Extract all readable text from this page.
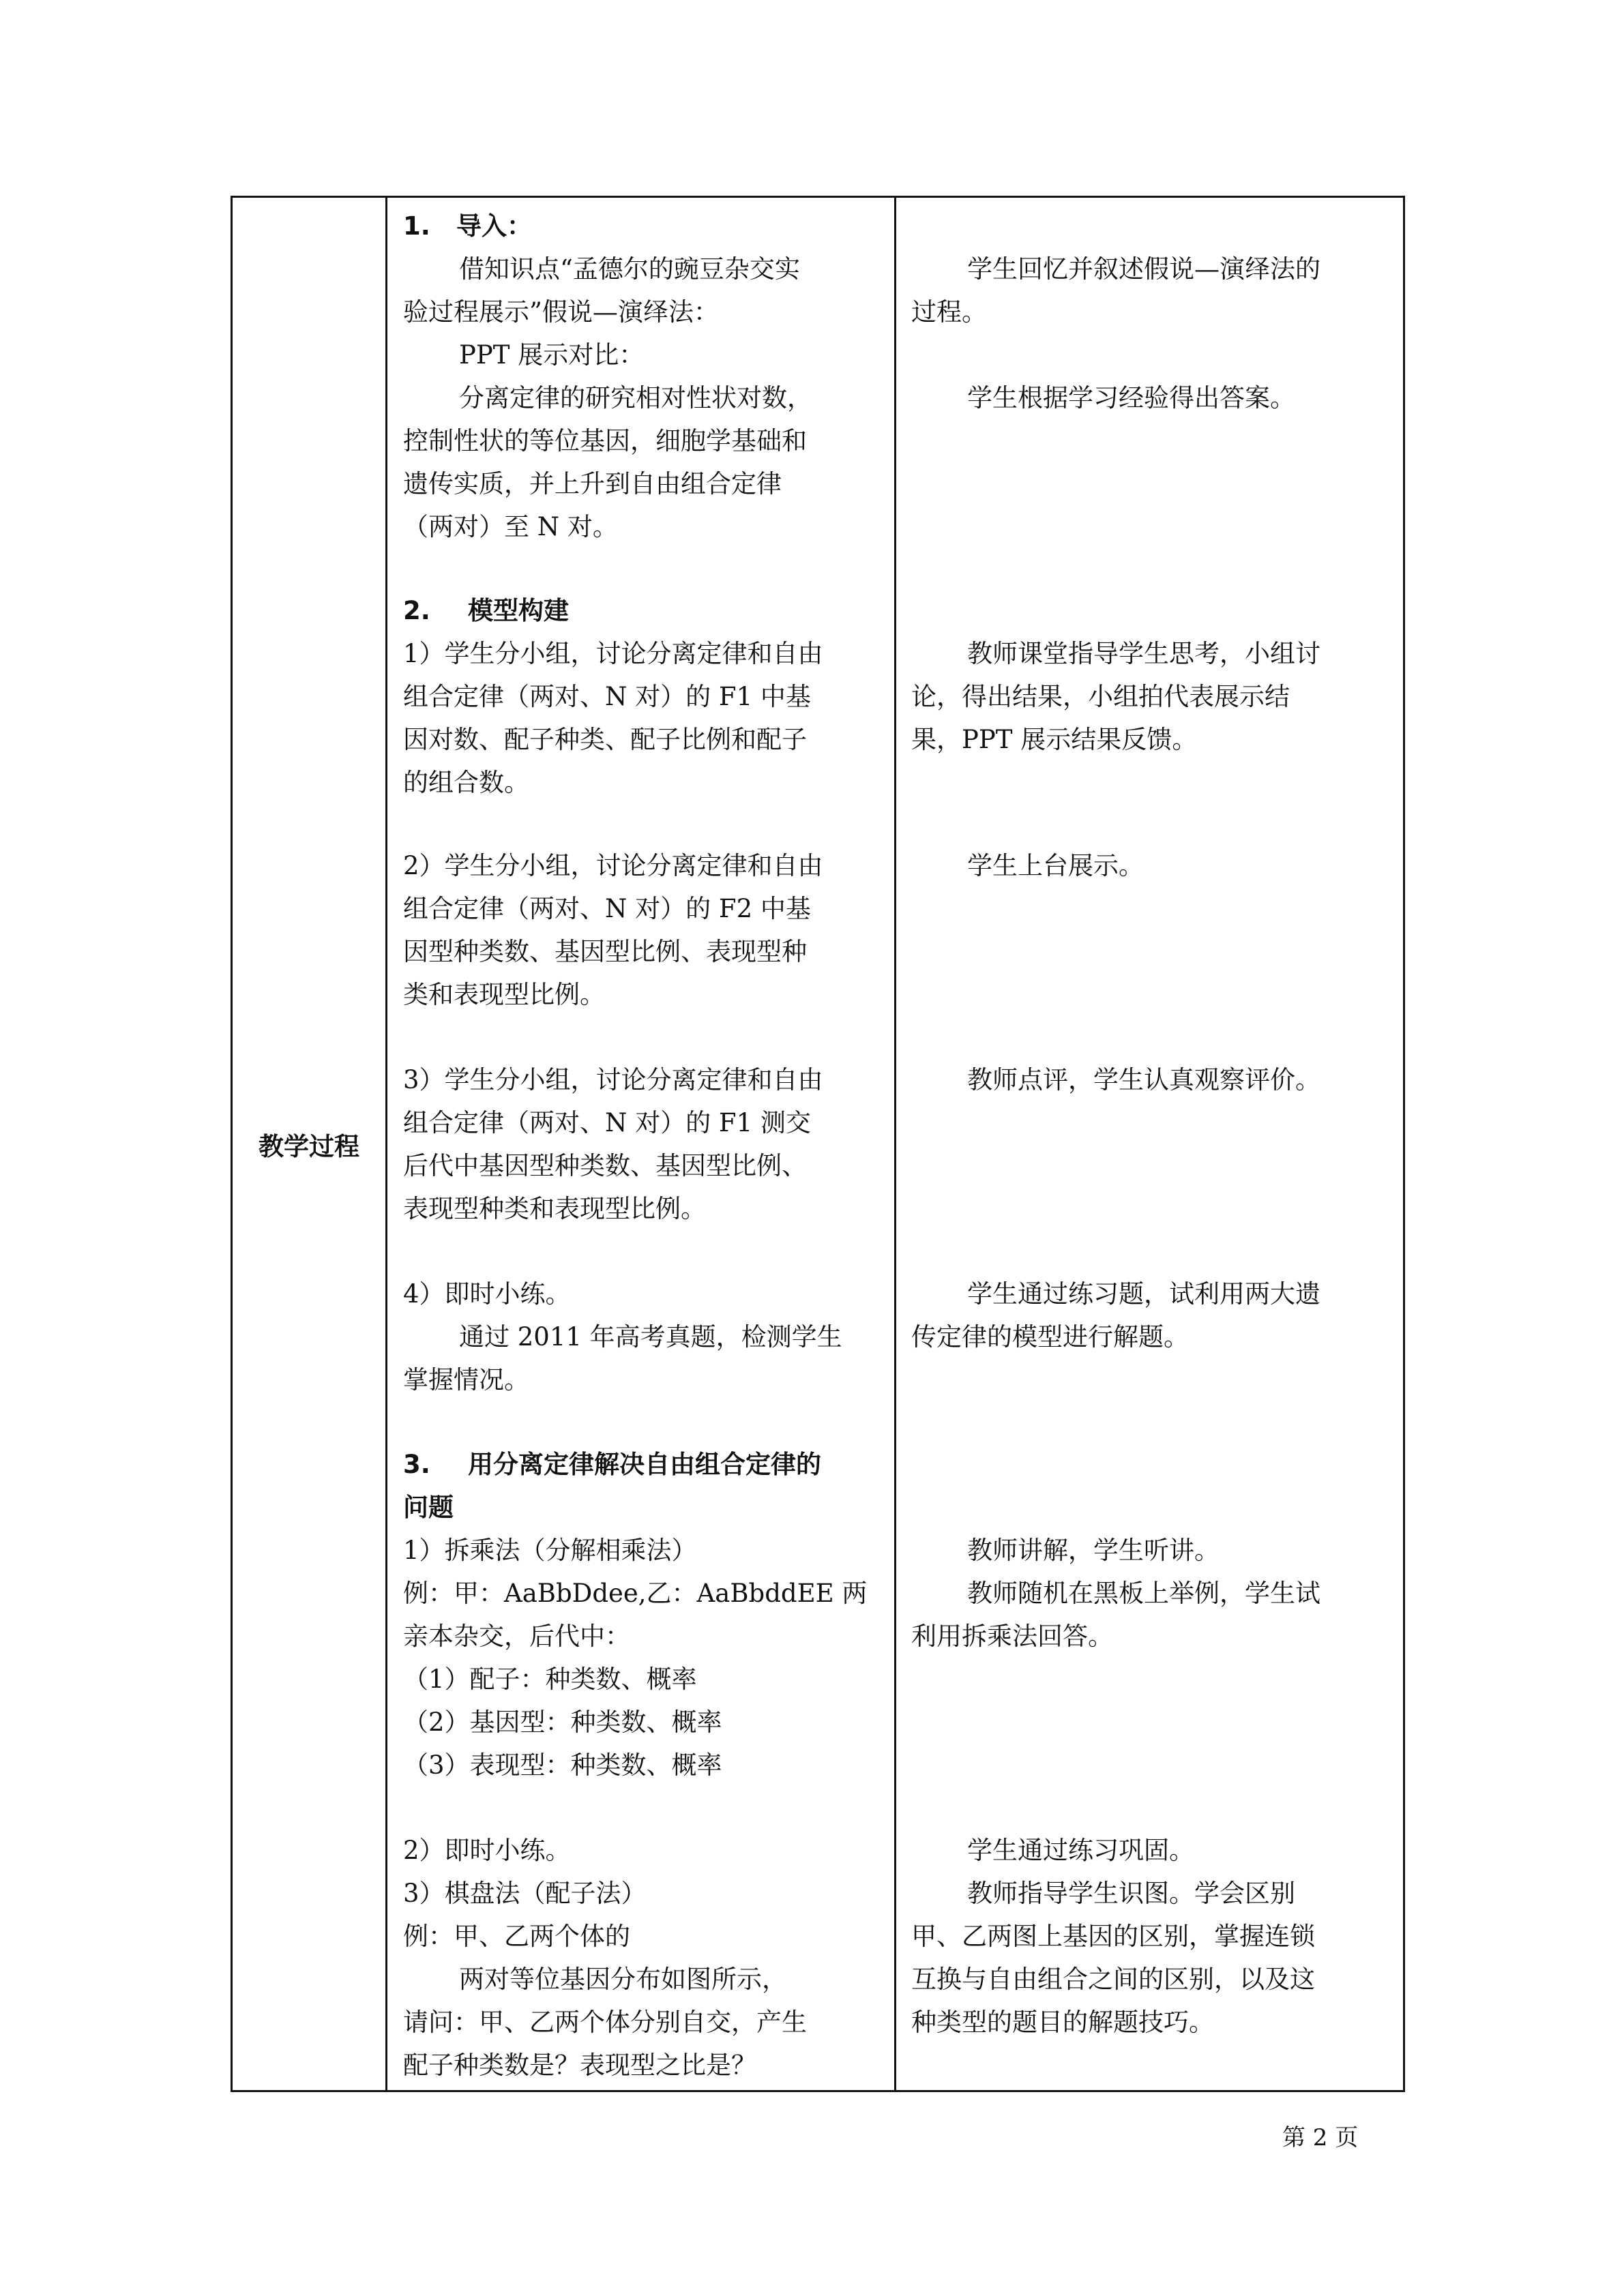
教学过程

1. 导入：

借知识点“孟德尔的豌豆杂交实

验过程展示”假说—演绎法：

PPT 展示对比：

分离定律的研究相对性状对数，

控制性状的等位基因，细胞学基础和

遗传实质，并上升到自由组合定律

（两对）至 N 对。

2. 模型构建

1）学生分小组，讨论分离定律和自由

组合定律（两对、N 对）的 F1 中基

因对数、配子种类、配子比例和配子

的组合数。

2）学生分小组，讨论分离定律和自由

组合定律（两对、N 对）的 F2 中基

因型种类数、基因型比例、表现型种

类和表现型比例。

3）学生分小组，讨论分离定律和自由

组合定律（两对、N 对）的 F1 测交

后代中基因型种类数、基因型比例、

表现型种类和表现型比例。

4）即时小练。

通过 2011 年高考真题，检测学生

掌握情况。

3. 用分离定律解决自由组合定律的

问题

1）拆乘法（分解相乘法）

例：甲：AaBbDdee,乙：AaBbddEE 两

亲本杂交，后代中：

（1）配子：种类数、概率

（2）基因型：种类数、概率

（3）表现型：种类数、概率

2）即时小练。

3）棋盘法（配子法）

例：甲、乙两个体的

两对等位基因分布如图所示，

请问：甲、乙两个体分别自交，产生

配子种类数是？表现型之比是？

学生回忆并叙述假说—演绎法的

过程。

学生根据学习经验得出答案。

教师课堂指导学生思考，小组讨

论，得出结果，小组拍代表展示结

果，PPT 展示结果反馈。

学生上台展示。

教师点评，学生认真观察评价。

学生通过练习题，试利用两大遗

传定律的模型进行解题。

教师讲解，学生听讲。

教师随机在黑板上举例，学生试

利用拆乘法回答。

学生通过练习巩固。

教师指导学生识图。学会区别

甲、乙两图上基因的区别，掌握连锁

互换与自由组合之间的区别，以及这

种类型的题目的解题技巧。

第 2 页
